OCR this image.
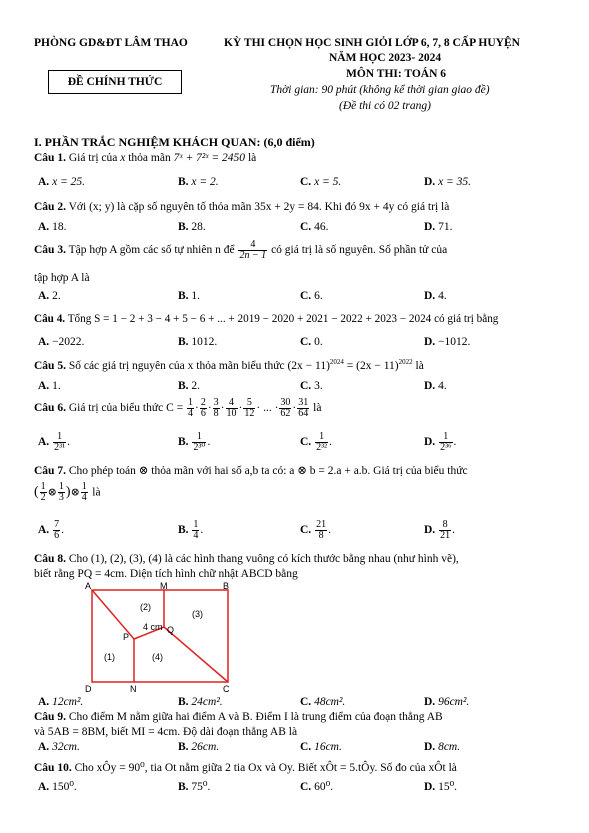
PHÒNG GD&ĐT LÂM THAO	KỲ THI CHỌN HỌC SINH GIỎI LỚP 6, 7, 8 CẤP HUYỆN
NĂM HỌC 2023- 2024
ĐỀ CHÍNH THỨC
MÔN THI: TOÁN 6
Thời gian: 90 phút (không kể thời gian giao đề)
(Đề thi có 02 trang)
I. PHẦN TRẮC NGHIỆM KHÁCH QUAN: (6,0 điểm)
Câu 1. Giá trị của x thỏa mãn 7ˣ + 7²ˣ = 2450 là
A. x = 25.	B. x = 2.	C. x = 5.	D. x = 35.
Câu 2. Với (x; y) là cặp số nguyên tố thỏa mãn 35x + 2y = 84. Khi đó 9x + 4y có giá trị là
A. 18.	B. 28.	C. 46.	D. 71.
Câu 3. Tập hợp A gồm các số tự nhiên n để $\frac{4}{2n - 1}$ có giá trị là số nguyên. Số phần tử của
tập hợp A là
A. 2.	B. 1.	C. 6.	D. 4.
Câu 4. Tổng S = 1 − 2 + 3 − 4 + 5 − 6 + ... + 2019 − 2020 + 2021 − 2022 + 2023 − 2024 có giá trị bằng
A. −2022.	B. 1012.	C. 0.	D. −1012.
Câu 5. Số các giá trị nguyên của x thỏa mãn biểu thức $(2x - 11)^{2024} = (2x - 11)^{2022}$ là
A. 1.	B. 2.	C. 3.	D. 4.
Câu 6. Giá trị của biểu thức $C = \frac{1}{4} \cdot \frac{2}{6} \cdot \frac{3}{8} \cdot \frac{4}{10} \cdot \frac{5}{12}$ · ... · $\frac{30}{62} \cdot \frac{31}{64}$ là
A. $\frac{1}{\text{2³¹}}$ .	B. $\frac{1}{\text{2³⁰}}$ .	C. $\frac{1}{\text{2³²}}$ .	D. $\frac{1}{\text{2³⁶}}$ .
Câu 7. Cho phép toán ⊗ thỏa mãn với hai số a,b ta có: a ⊗ b = 2.a + a.b. Giá trị của biểu thức
( $\frac{1}{2}$ ⊗ $\frac{1}{3}$ )⊗ $\frac{1}{4}$ là
A. $\frac{7}{6}$ .	B. $\frac{1}{4}$ .	C. $\frac{21}{8}$ .	D. $\frac{8}{21}$ .
Câu 8. Cho (1), (2), (3), (4) là các hình thang vuông có kích thước bằng nhau (như hình vẽ),
biết rằng PQ = 4cm. Diện tích hình chữ nhật ABCD bằng
A	M	B
D	N	C
P
Q
(2)
(3)
(1)	(4)
4 cm
A. 12cm².	B. 24cm².	C. 48cm².	D. 96cm².
Câu 9. Cho điểm M nằm giữa hai điểm A và B. Điểm I là trung điểm của đoạn thẳng AB
và 5AB = 8BM, biết MI = 4cm. Độ dài đoạn thẳng AB là
A. 32cm.	B. 26cm.	C. 16cm.	D. 8cm.
Câu 10. Cho xÔy = 90⁰, tia Ot nằm giữa 2 tia Ox và Oy. Biết xÔt = 5.tÔy. Số đo của xÔt là
A. 150⁰.	B. 75⁰.	C. 60⁰.	D. 15⁰.
